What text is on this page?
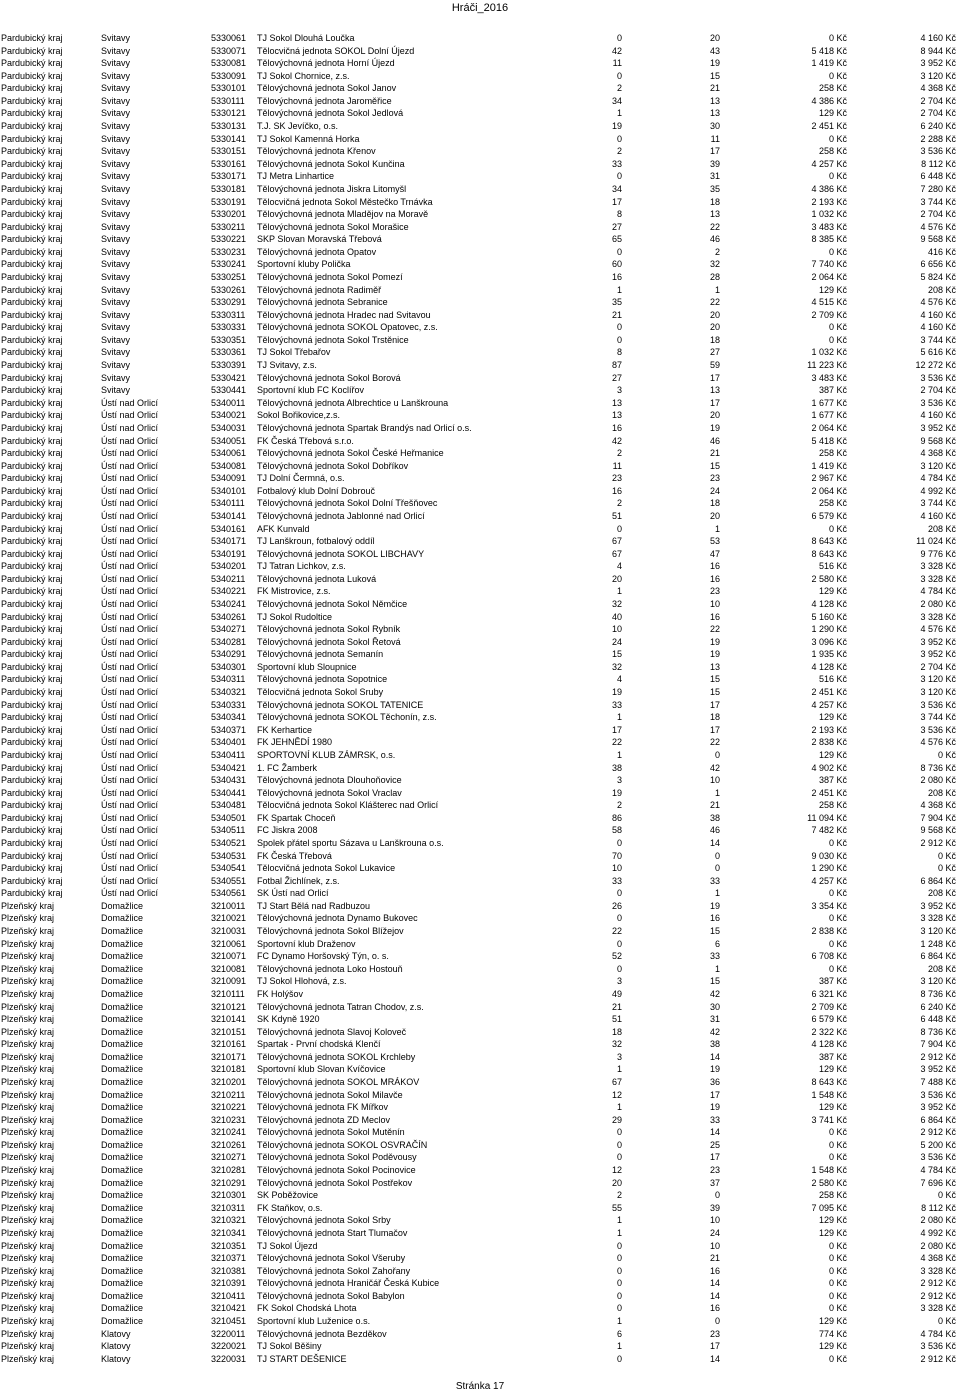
Hráči_2016
Pardubický kraj	Svitavy	5330061 TJ Sokol Dlouhá Loučka	0	20	0 Kč	4 160 Kč
Pardubický kraj	Svitavy	5330071 Tělocvičná jednota SOKOL Dolní Újezd	42	43	5 418 Kč	8 944 Kč
Pardubický kraj	Svitavy	5330081 Tělovýchovná jednota Horní Újezd	11	19	1 419 Kč	3 952 Kč
Pardubický kraj	Svitavy	5330091 TJ Sokol Chornice, z.s.	0	15	0 Kč	3 120 Kč
Pardubický kraj	Svitavy	5330101 Tělovýchovná jednota Sokol Janov	2	21	258 Kč	4 368 Kč
Pardubický kraj	Svitavy	5330111 Tělovýchovná jednota Jaroměřice	34	13	4 386 Kč	2 704 Kč
Pardubický kraj	Svitavy	5330121 Tělovýchovná jednota Sokol Jedlová	1	13	129 Kč	2 704 Kč
Pardubický kraj	Svitavy	5330131 T.J. SK Jevíčko, o.s.	19	30	2 451 Kč	6 240 Kč
Pardubický kraj	Svitavy	5330141 TJ Sokol Kamenná Horka	0	11	0 Kč	2 288 Kč
Pardubický kraj	Svitavy	5330151 Tělovýchovná jednota Křenov	2	17	258 Kč	3 536 Kč
Pardubický kraj	Svitavy	5330161 Tělovýchovná jednota Sokol Kunčina	33	39	4 257 Kč	8 112 Kč
Pardubický kraj	Svitavy	5330171 TJ Metra Linhartice	0	31	0 Kč	6 448 Kč
Pardubický kraj	Svitavy	5330181 Tělovýchovná jednota Jiskra Litomyšl	34	35	4 386 Kč	7 280 Kč
Pardubický kraj	Svitavy	5330191 Tělocvičná jednota Sokol Městečko Trnávka	17	18	2 193 Kč	3 744 Kč
Pardubický kraj	Svitavy	5330201 Tělovýchovná jednota Mladějov na Moravě	8	13	1 032 Kč	2 704 Kč
Pardubický kraj	Svitavy	5330211 Tělovýchovná jednota Sokol Morašice	27	22	3 483 Kč	4 576 Kč
Pardubický kraj	Svitavy	5330221 SKP Slovan Moravská Třebová	65	46	8 385 Kč	9 568 Kč
Pardubický kraj	Svitavy	5330231 Tělovýchovná jednota Opatov	0	2	0 Kč	416 Kč
Pardubický kraj	Svitavy	5330241 Sportovní kluby Polička	60	32	7 740 Kč	6 656 Kč
Pardubický kraj	Svitavy	5330251 Tělovýchovná jednota Sokol Pomezí	16	28	2 064 Kč	5 824 Kč
Pardubický kraj	Svitavy	5330261 Tělovýchovná jednota Radiměř	1	1	129 Kč	208 Kč
Pardubický kraj	Svitavy	5330291 Tělovýchovná jednota Sebranice	35	22	4 515 Kč	4 576 Kč
Pardubický kraj	Svitavy	5330311 Tělovýchovná jednota Hradec nad Svitavou	21	20	2 709 Kč	4 160 Kč
Pardubický kraj	Svitavy	5330331 Tělovýchovná jednota SOKOL Opatovec, z.s.	0	20	0 Kč	4 160 Kč
Pardubický kraj	Svitavy	5330351 Tělovýchovná jednota Sokol Trstěnice	0	18	0 Kč	3 744 Kč
Pardubický kraj	Svitavy	5330361 TJ Sokol Třebařov	8	27	1 032 Kč	5 616 Kč
Pardubický kraj	Svitavy	5330391 TJ Svitavy, z.s.	87	59	11 223 Kč	12 272 Kč
Pardubický kraj	Svitavy	5330421 Tělovýchovná jednota Sokol Borová	27	17	3 483 Kč	3 536 Kč
Pardubický kraj	Svitavy	5330441 Sportovní klub FC Koclířov	3	13	387 Kč	2 704 Kč
Pardubický kraj	Ústí nad Orlicí	5340011 Tělovýchovná jednota Albrechtice u Lanškrouna	13	17	1 677 Kč	3 536 Kč
Pardubický kraj	Ústí nad Orlicí	5340021 Sokol Bořikovice,z.s.	13	20	1 677 Kč	4 160 Kč
Pardubický kraj	Ústí nad Orlicí	5340031 Tělovýchovná jednota Spartak Brandýs nad Orlicí o.s.	16	19	2 064 Kč	3 952 Kč
Pardubický kraj	Ústí nad Orlicí	5340051 FK Česká Třebová s.r.o.	42	46	5 418 Kč	9 568 Kč
Pardubický kraj	Ústí nad Orlicí	5340061 Tělovýchovná jednota Sokol České Heřmanice	2	21	258 Kč	4 368 Kč
Pardubický kraj	Ústí nad Orlicí	5340081 Tělovýchovná jednota Sokol Dobříkov	11	15	1 419 Kč	3 120 Kč
Pardubický kraj	Ústí nad Orlicí	5340091 TJ Dolní Čermná, o.s.	23	23	2 967 Kč	4 784 Kč
Pardubický kraj	Ústí nad Orlicí	5340101 Fotbalový klub Dolní Dobrouč	16	24	2 064 Kč	4 992 Kč
Pardubický kraj	Ústí nad Orlicí	5340111 Tělovýchovná jednota Sokol Dolní Třešňovec	2	18	258 Kč	3 744 Kč
Pardubický kraj	Ústí nad Orlicí	5340141 Tělovýchovná jednota Jablonné nad Orlicí	51	20	6 579 Kč	4 160 Kč
Pardubický kraj	Ústí nad Orlicí	5340161 AFK Kunvald	0	1	0 Kč	208 Kč
Pardubický kraj	Ústí nad Orlicí	5340171 TJ Lanškroun, fotbalový oddíl	67	53	8 643 Kč	11 024 Kč
Pardubický kraj	Ústí nad Orlicí	5340191 Tělovýchovná jednota SOKOL LIBCHAVY	67	47	8 643 Kč	9 776 Kč
Pardubický kraj	Ústí nad Orlicí	5340201 TJ Tatran Lichkov, z.s.	4	16	516 Kč	3 328 Kč
Pardubický kraj	Ústí nad Orlicí	5340211 Tělovýchovná jednota Luková	20	16	2 580 Kč	3 328 Kč
Pardubický kraj	Ústí nad Orlicí	5340221 FK Mistrovice, z.s.	1	23	129 Kč	4 784 Kč
Pardubický kraj	Ústí nad Orlicí	5340241 Tělovýchovná jednota Sokol Němčice	32	10	4 128 Kč	2 080 Kč
Pardubický kraj	Ústí nad Orlicí	5340261 TJ Sokol Rudoltice	40	16	5 160 Kč	3 328 Kč
Pardubický kraj	Ústí nad Orlicí	5340271 Tělovýchovná jednota Sokol Rybník	10	22	1 290 Kč	4 576 Kč
Pardubický kraj	Ústí nad Orlicí	5340281 Tělovýchovná jednota Sokol Řetová	24	19	3 096 Kč	3 952 Kč
Pardubický kraj	Ústí nad Orlicí	5340291 Tělovýchovná jednota Semanín	15	19	1 935 Kč	3 952 Kč
Pardubický kraj	Ústí nad Orlicí	5340301 Sportovní klub Sloupnice	32	13	4 128 Kč	2 704 Kč
Pardubický kraj	Ústí nad Orlicí	5340311 Tělovýchovná jednota Sopotnice	4	15	516 Kč	3 120 Kč
Pardubický kraj	Ústí nad Orlicí	5340321 Tělocvičná jednota Sokol Sruby	19	15	2 451 Kč	3 120 Kč
Pardubický kraj	Ústí nad Orlicí	5340331 Tělovýchovná jednota SOKOL TATENICE	33	17	4 257 Kč	3 536 Kč
Pardubický kraj	Ústí nad Orlicí	5340341 Tělovýchovná jednota SOKOL Těchonín, z.s.	1	18	129 Kč	3 744 Kč
Pardubický kraj	Ústí nad Orlicí	5340371 FK Kerhartice	17	17	2 193 Kč	3 536 Kč
Pardubický kraj	Ústí nad Orlicí	5340401 FK JEHNĚDÍ 1980	22	22	2 838 Kč	4 576 Kč
Pardubický kraj	Ústí nad Orlicí	5340411 SPORTOVNÍ KLUB ZÁMRSK, o.s.	1	0	129 Kč	0 Kč
Pardubický kraj	Ústí nad Orlicí	5340421 1. FC Žamberk	38	42	4 902 Kč	8 736 Kč
Pardubický kraj	Ústí nad Orlicí	5340431 Tělovýchovná jednota Dlouhoňovice	3	10	387 Kč	2 080 Kč
Pardubický kraj	Ústí nad Orlicí	5340441 Tělovýchovná jednota Sokol Vraclav	19	1	2 451 Kč	208 Kč
Pardubický kraj	Ústí nad Orlicí	5340481 Tělocvičná jednota Sokol Klášterec nad Orlicí	2	21	258 Kč	4 368 Kč
Pardubický kraj	Ústí nad Orlicí	5340501 FK Spartak Choceň	86	38	11 094 Kč	7 904 Kč
Pardubický kraj	Ústí nad Orlicí	5340511 FC Jiskra 2008	58	46	7 482 Kč	9 568 Kč
Pardubický kraj	Ústí nad Orlicí	5340521 Spolek přátel sportu Sázava u Lanškrouna o.s.	0	14	0 Kč	2 912 Kč
Pardubický kraj	Ústí nad Orlicí	5340531 FK Česká Třebová	70	0	9 030 Kč	0 Kč
Pardubický kraj	Ústí nad Orlicí	5340541 Tělocvičná jednota Sokol Lukavice	10	0	1 290 Kč	0 Kč
Pardubický kraj	Ústí nad Orlicí	5340551 Fotbal Žichlínek, z.s.	33	33	4 257 Kč	6 864 Kč
Pardubický kraj	Ústí nad Orlicí	5340561 SK Ústí nad Orlicí	0	1	0 Kč	208 Kč
Plzeňský kraj	Domažlice	3210011 TJ Start Bělá nad Radbuzou	26	19	3 354 Kč	3 952 Kč
Plzeňský kraj	Domažlice	3210021 Tělovýchovná jednota Dynamo Bukovec	0	16	0 Kč	3 328 Kč
Plzeňský kraj	Domažlice	3210031 Tělovýchovná jednota Sokol Blížejov	22	15	2 838 Kč	3 120 Kč
Plzeňský kraj	Domažlice	3210061 Sportovní klub Draženov	0	6	0 Kč	1 248 Kč
Plzeňský kraj	Domažlice	3210071 FC Dynamo Horšovský Týn, o. s.	52	33	6 708 Kč	6 864 Kč
Plzeňský kraj	Domažlice	3210081 Tělovýchovná jednota Loko Hostouň	0	1	0 Kč	208 Kč
Plzeňský kraj	Domažlice	3210091 TJ Sokol Hlohová, z.s.	3	15	387 Kč	3 120 Kč
Plzeňský kraj	Domažlice	3210111 FK Holýšov	49	42	6 321 Kč	8 736 Kč
Plzeňský kraj	Domažlice	3210121 Tělovýchovná jednota Tatran Chodov, z.s.	21	30	2 709 Kč	6 240 Kč
Plzeňský kraj	Domažlice	3210141 SK Kdyně 1920	51	31	6 579 Kč	6 448 Kč
Plzeňský kraj	Domažlice	3210151 Tělovýchovná jednota Slavoj Koloveč	18	42	2 322 Kč	8 736 Kč
Plzeňský kraj	Domažlice	3210161 Spartak - První chodská Klenčí	32	38	4 128 Kč	7 904 Kč
Plzeňský kraj	Domažlice	3210171 Tělovýchovná jednota SOKOL Krchleby	3	14	387 Kč	2 912 Kč
Plzeňský kraj	Domažlice	3210181 Sportovní klub Slovan Kvíčovice	1	19	129 Kč	3 952 Kč
Plzeňský kraj	Domažlice	3210201 Tělovýchovná jednota SOKOL MRÁKOV	67	36	8 643 Kč	7 488 Kč
Plzeňský kraj	Domažlice	3210211 Tělovýchovná jednota Sokol Milavče	12	17	1 548 Kč	3 536 Kč
Plzeňský kraj	Domažlice	3210221 Tělovýchovná jednota FK Mířkov	1	19	129 Kč	3 952 Kč
Plzeňský kraj	Domažlice	3210231 Tělovýchovná jednota ZD Meclov	29	33	3 741 Kč	6 864 Kč
Plzeňský kraj	Domažlice	3210241 Tělovýchovná jednota Sokol Mutěnín	0	14	0 Kč	2 912 Kč
Plzeňský kraj	Domažlice	3210261 Tělovýchovná jednota SOKOL OSVRAČÍN	0	25	0 Kč	5 200 Kč
Plzeňský kraj	Domažlice	3210271 Tělovýchovná jednota Sokol Poděvousy	0	17	0 Kč	3 536 Kč
Plzeňský kraj	Domažlice	3210281 Tělovýchovná jednota Sokol Pocinovice	12	23	1 548 Kč	4 784 Kč
Plzeňský kraj	Domažlice	3210291 Tělovýchovná jednota Sokol Postřekov	20	37	2 580 Kč	7 696 Kč
Plzeňský kraj	Domažlice	3210301 SK Poběžovice	2	0	258 Kč	0 Kč
Plzeňský kraj	Domažlice	3210311 FK Staňkov, o.s.	55	39	7 095 Kč	8 112 Kč
Plzeňský kraj	Domažlice	3210321 Tělovýchovná jednota Sokol Srby	1	10	129 Kč	2 080 Kč
Plzeňský kraj	Domažlice	3210341 Tělovýchovná jednota Start Tlumačov	1	24	129 Kč	4 992 Kč
Plzeňský kraj	Domažlice	3210351 TJ Sokol Újezd	0	10	0 Kč	2 080 Kč
Plzeňský kraj	Domažlice	3210371 Tělovýchovná jednota Sokol Všeruby	0	21	0 Kč	4 368 Kč
Plzeňský kraj	Domažlice	3210381 Tělovýchovná jednota Sokol Zahořany	0	16	0 Kč	3 328 Kč
Plzeňský kraj	Domažlice	3210391 Tělovýchovná jednota Hraničář Česká Kubice	0	14	0 Kč	2 912 Kč
Plzeňský kraj	Domažlice	3210411 Tělovýchovná jednota Sokol Babylon	0	14	0 Kč	2 912 Kč
Plzeňský kraj	Domažlice	3210421 FK Sokol Chodská Lhota	0	16	0 Kč	3 328 Kč
Plzeňský kraj	Domažlice	3210451 Sportovní klub Luženice o.s.	1	0	129 Kč	0 Kč
Plzeňský kraj	Klatovy	3220011 Tělovýchovná jednota Bezděkov	6	23	774 Kč	4 784 Kč
Plzeňský kraj	Klatovy	3220021 TJ Sokol Běšiny	1	17	129 Kč	3 536 Kč
Plzeňský kraj	Klatovy	3220031 TJ START DEŠENICE	0	14	0 Kč	2 912 Kč
Stránka 17
